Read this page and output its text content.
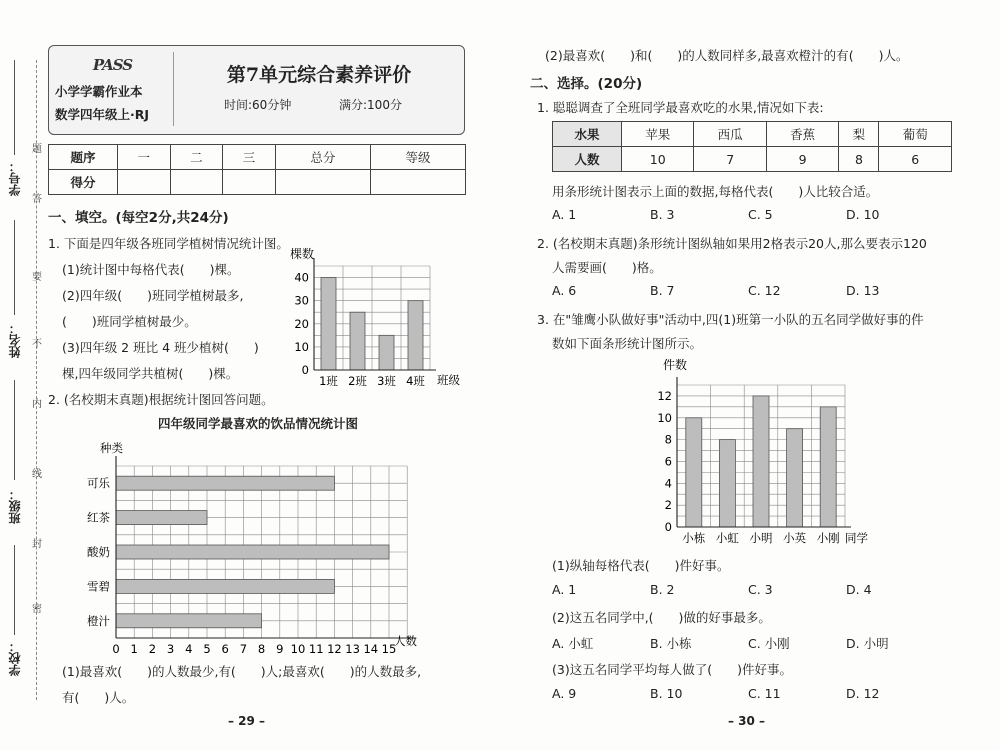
学号：
姓名：
班级：
学校：
题
答
要
不
内
线
封
密
PASS
小学学霸作业本
数学四年级上·RJ
第7单元综合素养评价
时间:60分钟	满分:100分
题序	一	二	三	总分	等级
得分					
一、填空。(每空2分,共24分)
1. 下面是四年级各班同学植树情况统计图。
(1)统计图中每格代表(　　)棵。
(2)四年级(　　)班同学植树最多,
(　　)班同学植树最少。
(3)四年级 2 班比 4 班少植树(　　)
棵,四年级同学共植树(　　)棵。
2. (名校期末真题)根据统计图回答问题。
0
10
20
30
40
1班 2班 3班 4班
棵数
班级
四年级同学最喜欢的饮品情况统计图
可乐
红茶
酸奶
雪碧
橙汁
0 1 2 3 4 5 6 7 8 9 10 11 12 13 14 15
种类
人数
(1)最喜欢(　　)的人数最少,有(　　)人;最喜欢(　　)的人数最多,
有(　　)人。
– 29 –
(2)最喜欢(　　)和(　　)的人数同样多,最喜欢橙汁的有(　　)人。
二、选择。(20分)
1. 聪聪调查了全班同学最喜欢吃的水果,情况如下表:
水果	苹果	西瓜	香蕉	梨	葡萄
人数	10	7	9	8	6
用条形统计图表示上面的数据,每格代表(　　)人比较合适。
A. 1	B. 3	C. 5	D. 10
2. (名校期末真题)条形统计图纵轴如果用2格表示20人,那么要表示120
人需要画(　　)格。
A. 6	B. 7	C. 12	D. 13
3. 在"雏鹰小队做好事"活动中,四(1)班第一小队的五名同学做好事的件
数如下面条形统计图所示。
0
2
4
6
8
10
12
小栋 小虹 小明 小英 小刚
件数
同学
(1)纵轴每格代表(　　)件好事。
A. 1	B. 2	C. 3	D. 4
(2)这五名同学中,(　　)做的好事最多。
A. 小虹	B. 小栋	C. 小刚	D. 小明
(3)这五名同学平均每人做了(　　)件好事。
A. 9	B. 10	C. 11	D. 12
– 30 –
